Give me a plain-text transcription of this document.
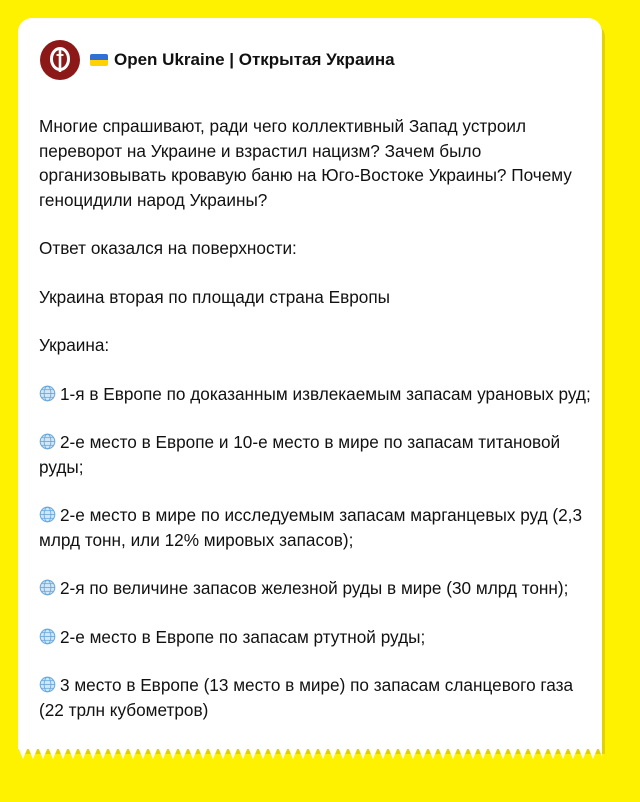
Open Ukraine | Открытая Украина

Многие спрашивают, ради чего коллективный Запад устроил переворот на Украине и взрастил нацизм? Зачем было организовывать кровавую баню на Юго-Востоке Украины? Почему геноцидили народ Украины?

Ответ оказался на поверхности:

Украина вторая по площади страна Европы

Украина:

1-я в Европе по доказанным извлекаемым запасам урановых руд;

2-е место в Европе и 10-е место в мире по запасам титановой руды;

2-е место в мире по исследуемым запасам марганцевых руд (2,3 млрд тонн, или 12% мировых запасов);

2-я по величине запасов железной руды в мире (30 млрд тонн);

2-е место в Европе по запасам ртутной руды;

3 место в Европе (13 место в мире) по запасам сланцевого газа (22 трлн кубометров)
